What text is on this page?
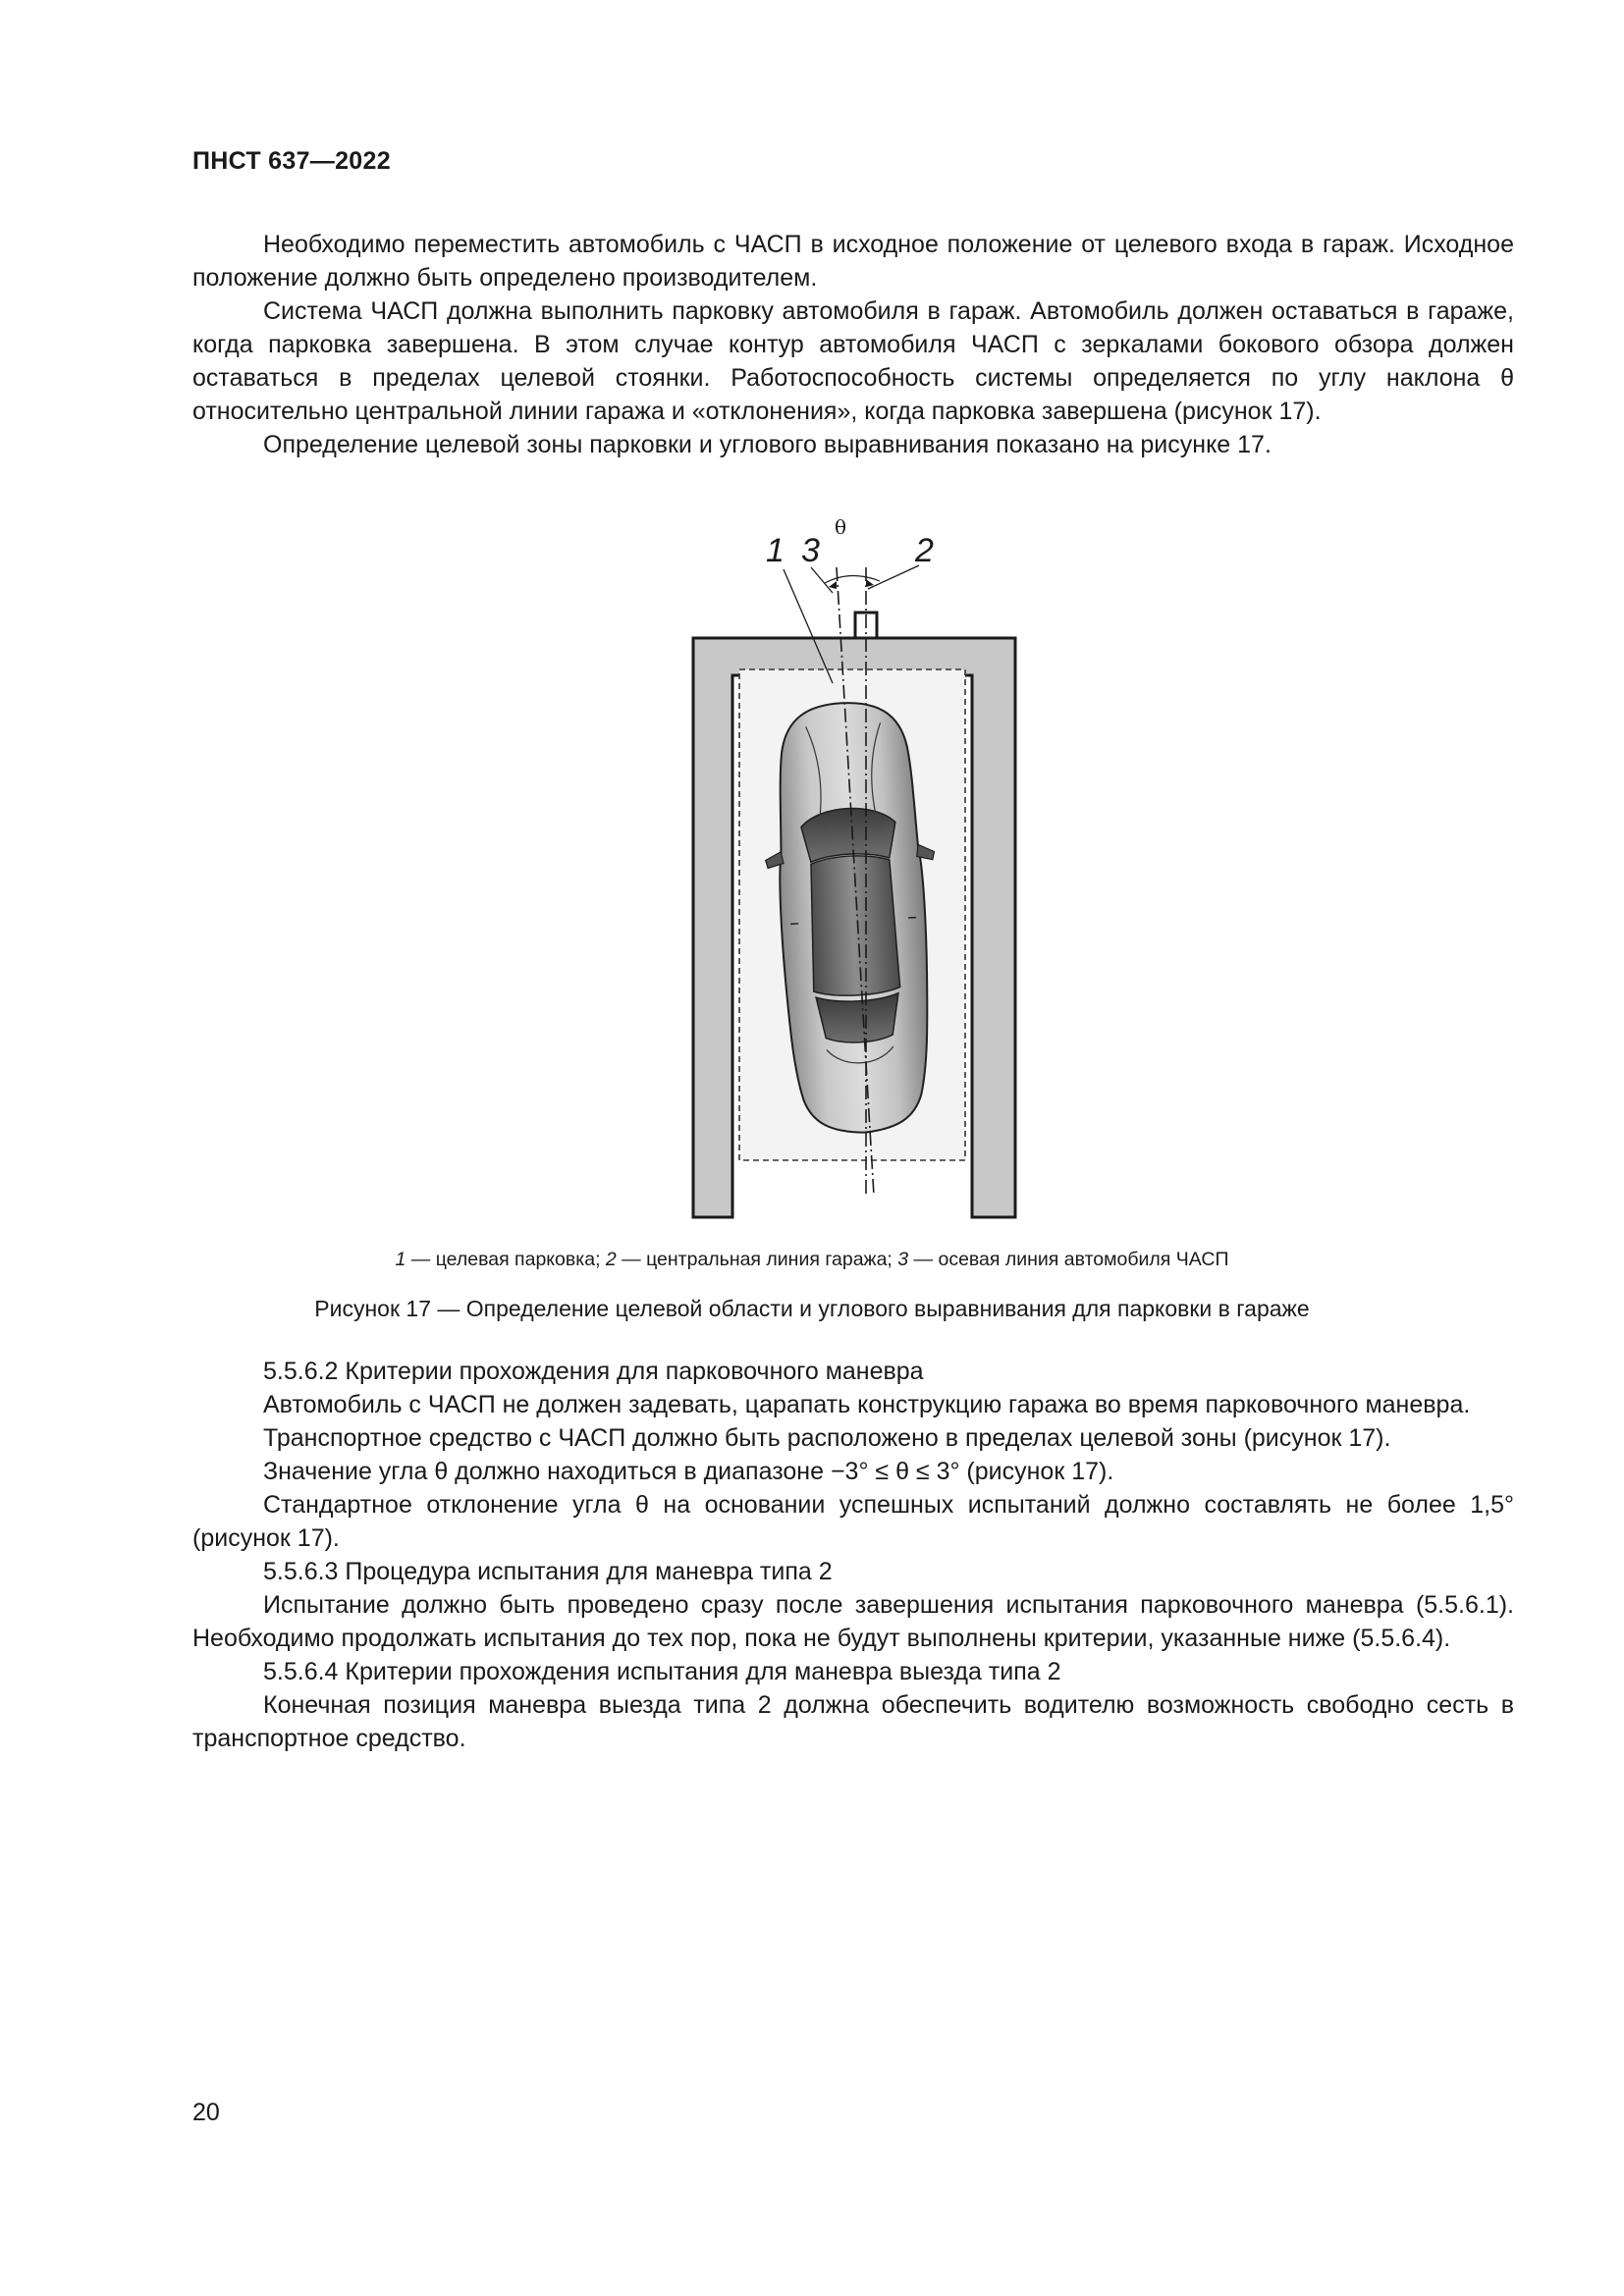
ПНСТ 637—2022

Необходимо переместить автомобиль с ЧАСП в исходное положение от целевого входа в гараж. Исходное положение должно быть определено производителем.

Система ЧАСП должна выполнить парковку автомобиля в гараж. Автомобиль должен оставаться в гараже, когда парковка завершена. В этом случае контур автомобиля ЧАСП с зеркалами бокового обзора должен оставаться в пределах целевой стоянки. Работоспособность системы определяется по углу наклона θ относительно центральной линии гаража и «отклонения», когда парковка завершена (рисунок 17).

Определение целевой зоны парковки и углового выравнивания показано на рисунке 17.

1 3	2
θ
1 — целевая парковка; 2 — центральная линия гаража; 3 — осевая линия автомобиля ЧАСП
Рисунок 17 — Определение целевой области и углового выравнивания для парковки в гараже

5.5.6.2 Критерии прохождения для парковочного маневра

Автомобиль с ЧАСП не должен задевать, царапать конструкцию гаража во время парковочного маневра.

Транспортное средство с ЧАСП должно быть расположено в пределах целевой зоны (рисунок 17).

Значение угла θ должно находиться в диапазоне −3° ≤ θ ≤ 3° (рисунок 17).

Стандартное отклонение угла θ на основании успешных испытаний должно составлять не более 1,5° (рисунок 17).

5.5.6.3 Процедура испытания для маневра типа 2

Испытание должно быть проведено сразу после завершения испытания парковочного маневра (5.5.6.1). Необходимо продолжать испытания до тех пор, пока не будут выполнены критерии, указанные ниже (5.5.6.4).

5.5.6.4 Критерии прохождения испытания для маневра выезда типа 2

Конечная позиция маневра выезда типа 2 должна обеспечить водителю возможность свободно сесть в транспортное средство.

20
